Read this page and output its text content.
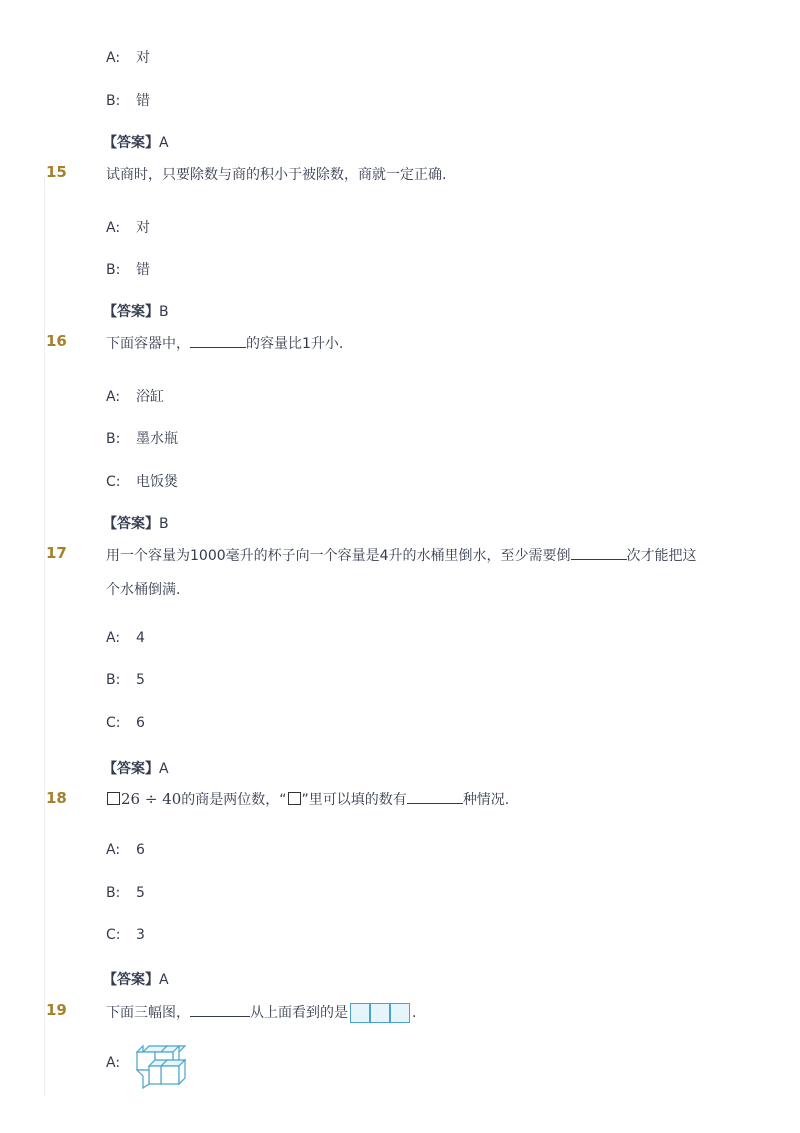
A: 对
B: 错
【答案】A
15	试商时，只要除数与商的积小于被除数，商就一定正确.
A: 对
B: 错
【答案】B
16	下面容器中，	的容量比1升小.
A: 浴缸
B: 墨水瓶
C: 电饭煲
【答案】B
17	用一个容量为1000毫升的杯子向一个容量是4升的水桶里倒水，至少需要倒	次才能把这
个水桶倒满.
A: 4
B: 5
C: 6
【答案】A
18	26 ÷ 40的商是两位数，“ ”里可以填的数有	种情况.
A: 6
B: 5
C: 3
【答案】A
19	下面三幅图，	从上面看到的是	.
A:
